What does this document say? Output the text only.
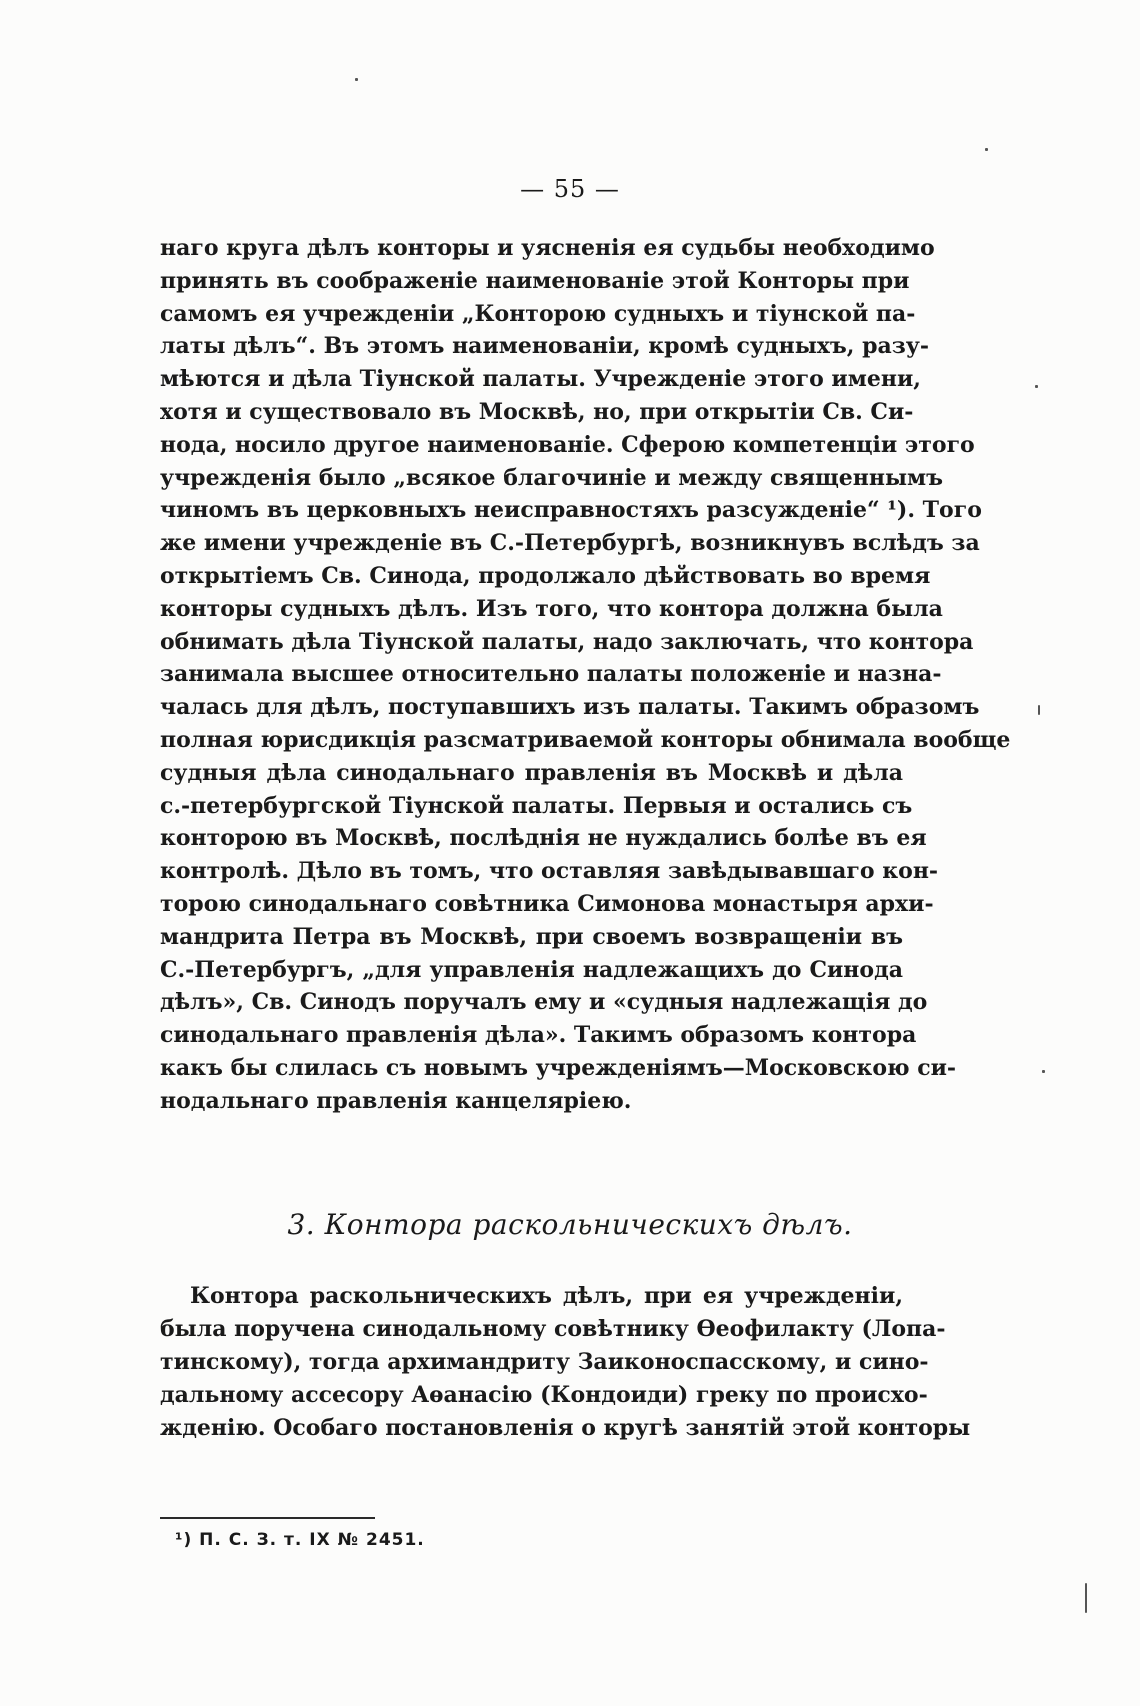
— 55 —
наго круга дѣлъ конторы и уясненія ея судьбы необходимо
принять въ соображеніе наименованіе этой Конторы при
самомъ ея учрежденіи „Конторою судныхъ и тіунской па-
латы дѣлъ“. Въ этомъ наименованіи, кромѣ судныхъ, разу-
мѣются и дѣла Тіунской палаты. Учрежденіе этого имени,
хотя и существовало въ Москвѣ, но, при открытіи Св. Си-
нода, носило другое наименованіе. Сферою компетенціи этого
учрежденія было „всякое благочиніе и между священнымъ
чиномъ въ церковныхъ неисправностяхъ разсужденіе“ ¹). Того
же имени учрежденіе въ С.-Петербургѣ, возникнувъ вслѣдъ за
открытіемъ Св. Синода, продолжало дѣйствовать во время
конторы судныхъ дѣлъ. Изъ того, что контора должна была
обнимать дѣла Тіунской палаты, надо заключать, что контора
занимала высшее относительно палаты положеніе и назна-
чалась для дѣлъ, поступавшихъ изъ палаты. Такимъ образомъ
полная юрисдикція разсматриваемой конторы обнимала вообще
судныя дѣла синодальнаго правленія въ Москвѣ и дѣла
с.-петербургской Тіунской палаты. Первыя и остались съ
конторою въ Москвѣ, послѣднія не нуждались болѣе въ ея
контролѣ. Дѣло въ томъ, что оставляя завѣдывавшаго кон-
торою синодальнаго совѣтника Симонова монастыря архи-
мандрита Петра въ Москвѣ, при своемъ возвращеніи въ
С.-Петербургъ, „для управленія надлежащихъ до Синода
дѣлъ», Св. Синодъ поручалъ ему и «судныя надлежащія до
синодальнаго правленія дѣла». Такимъ образомъ контора
какъ бы слилась съ новымъ учрежденіямъ—Московскою си-
нодальнаго правленія канцеляріею.
3. Контора раскольническихъ дѣлъ.
Контора раскольническихъ дѣлъ, при ея учрежденіи,
была поручена синодальному совѣтнику Ѳеофилакту (Лопа-
тинскому), тогда архимандриту Заиконоспасскому, и сино-
дальному ассесору Аѳанасію (Кондоиди) греку по происхо-
жденію. Особаго постановленія о кругѣ занятій этой конторы
¹) П. С. З. т. IX № 2451.
